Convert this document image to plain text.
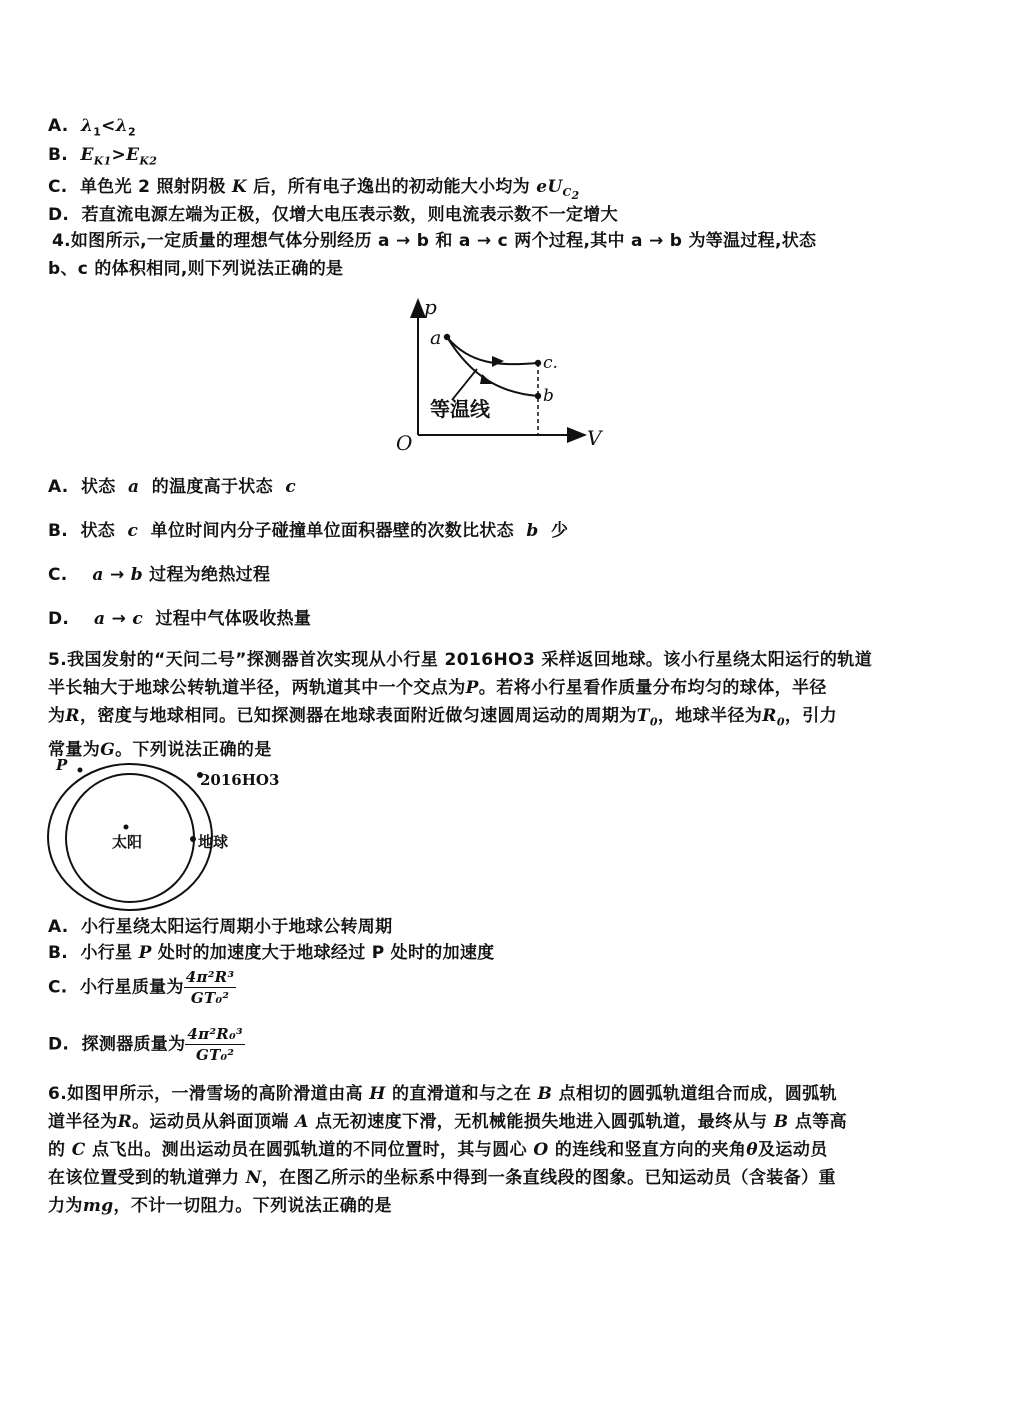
A. $\lambda_1<\lambda_2$
B. $E_{K1}>E_{K2}$
C. 单色光 2 照射阴极 K 后，所有电子逸出的初动能大小均为 $eU_{C_2}$
D. 若直流电源左端为正极，仅增大电压表示数，则电流表示数不一定增大
4.如图所示,一定质量的理想气体分别经历 a → b 和 a → c 两个过程,其中 a → b 为等温过程,状态
b、c 的体积相同,则下列说法正确的是
p
V
O
a
c.
b
等温线
A. 状态 a 的温度高于状态 c
B. 状态 c 单位时间内分子碰撞单位面积器壁的次数比状态 b 少
C. a → b 过程为绝热过程
D. a → c 过程中气体吸收热量
5.我国发射的“天问二号”探测器首次实现从小行星 2016HO3 采样返回地球。该小行星绕太阳运行的轨道
半长轴大于地球公转轨道半径，两轨道其中一个交点为P。若将小行星看作质量分布均匀的球体，半径
为R，密度与地球相同。已知探测器在地球表面附近做匀速圆周运动的周期为$T_0$，地球半径为$R_0$，引力
常量为G。下列说法正确的是
P
2016HO3
太阳	地球
A. 小行星绕太阳运行周期小于地球公转周期
B. 小行星 P 处时的加速度大于地球经过 P 处时的加速度
C. 小行星质量为 $\frac{\text{4π²R³}}{\text{GT₀²}}$
D. 探测器质量为 $\frac{\text{4π²R₀³}}{\text{GT₀²}}$
6.如图甲所示，一滑雪场的高阶滑道由高 H 的直滑道和与之在 B 点相切的圆弧轨道组合而成，圆弧轨
道半径为R。运动员从斜面顶端 A 点无初速度下滑，无机械能损失地进入圆弧轨道，最终从与 B 点等高
的 C 点飞出。测出运动员在圆弧轨道的不同位置时，其与圆心 O 的连线和竖直方向的夹角θ及运动员
在该位置受到的轨道弹力 N，在图乙所示的坐标系中得到一条直线段的图象。已知运动员（含装备）重
力为mg，不计一切阻力。下列说法正确的是
